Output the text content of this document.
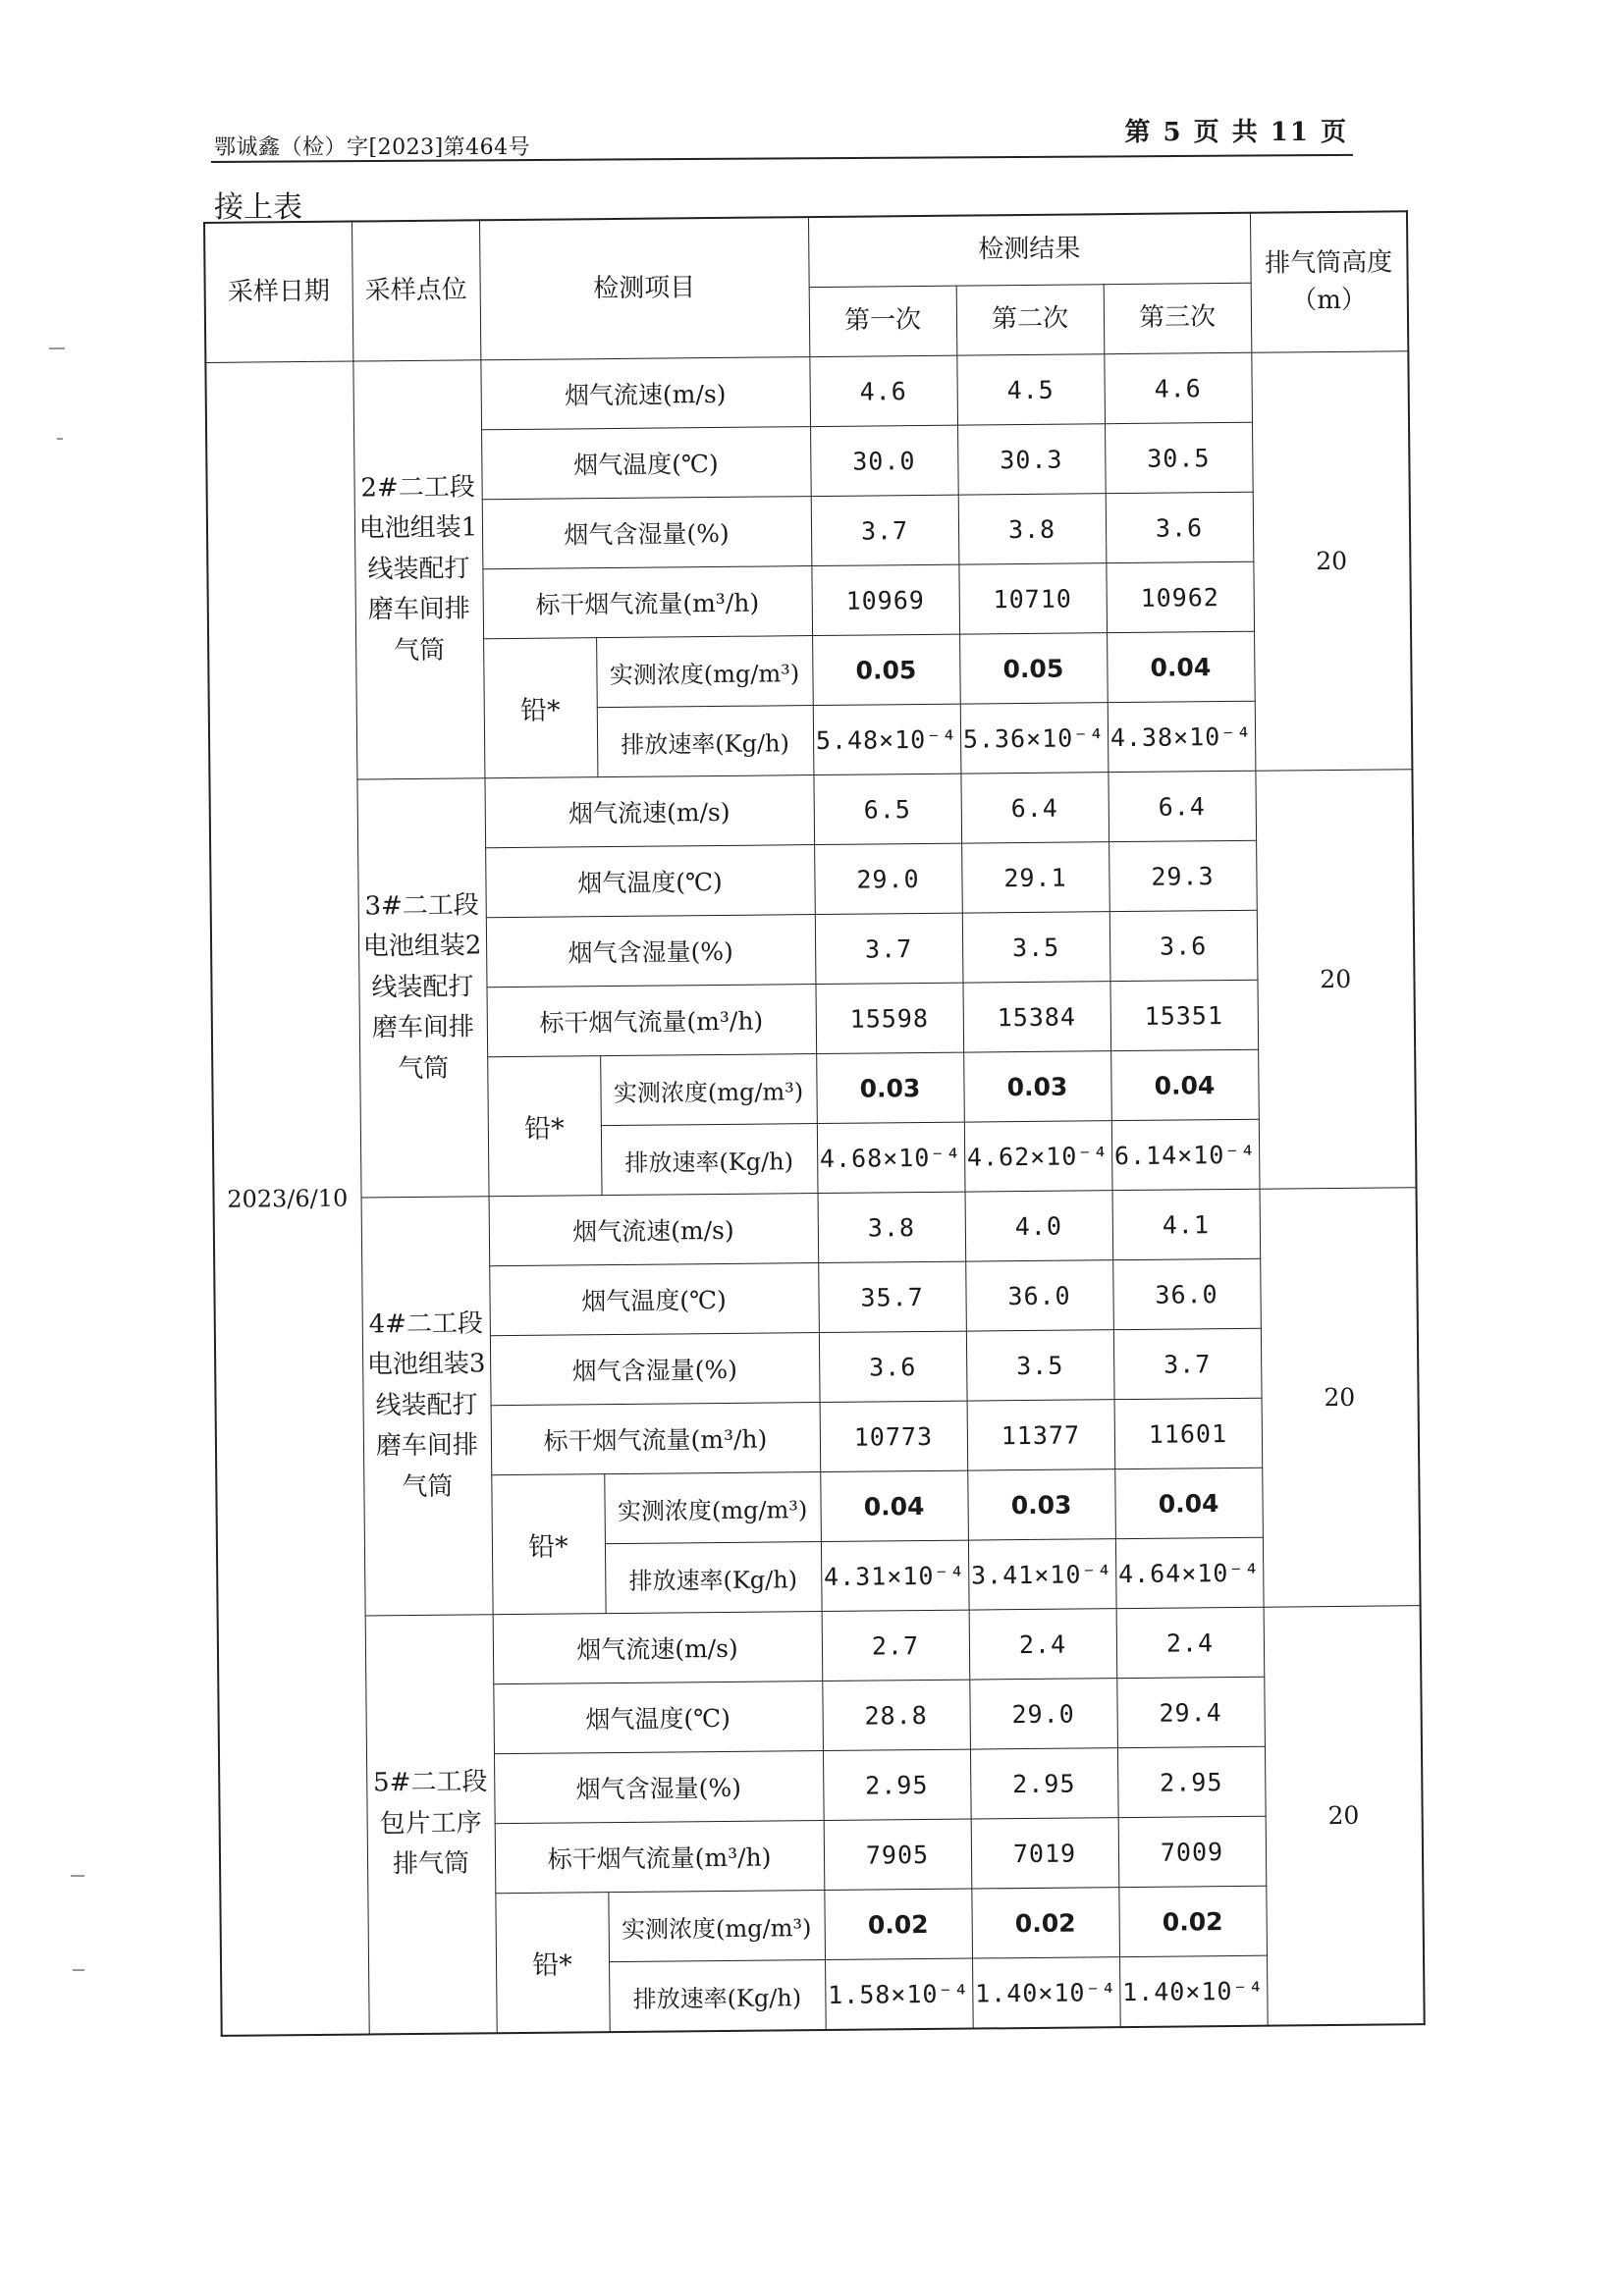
鄂诚鑫（检）字[2023]第464号
第 5 页 共 11 页
接上表
采样日期	采样点位	检测项目		检测结果			排气筒高度（m）
				第一次	第二次	第三次	
2023/6/10	2#二工段电池组装1线装配打磨车间排气筒	烟气流速(m/s)		4.6	4.5	4.6	20
		烟气温度(℃)		30.0	30.3	30.5	
		烟气含湿量(%)		3.7	3.8	3.6	
		标干烟气流量(m³/h)		10969	10710	10962	
		铅*	实测浓度(mg/m³)	0.05	0.05	0.04	
			排放速率(Kg/h)	5.48×10⁻⁴	5.36×10⁻⁴	4.38×10⁻⁴	
	3#二工段电池组装2线装配打磨车间排气筒	烟气流速(m/s)		6.5	6.4	6.4	20
		烟气温度(℃)		29.0	29.1	29.3	
		烟气含湿量(%)		3.7	3.5	3.6	
		标干烟气流量(m³/h)		15598	15384	15351	
		铅*	实测浓度(mg/m³)	0.03	0.03	0.04	
			排放速率(Kg/h)	4.68×10⁻⁴	4.62×10⁻⁴	6.14×10⁻⁴	
	4#二工段电池组装3线装配打磨车间排气筒	烟气流速(m/s)		3.8	4.0	4.1	20
		烟气温度(℃)		35.7	36.0	36.0	
		烟气含湿量(%)		3.6	3.5	3.7	
		标干烟气流量(m³/h)		10773	11377	11601	
		铅*	实测浓度(mg/m³)	0.04	0.03	0.04	
			排放速率(Kg/h)	4.31×10⁻⁴	3.41×10⁻⁴	4.64×10⁻⁴	
	5#二工段包片工序排气筒	烟气流速(m/s)		2.7	2.4	2.4	20
		烟气温度(℃)		28.8	29.0	29.4	
		烟气含湿量(%)		2.95	2.95	2.95	
		标干烟气流量(m³/h)		7905	7019	7009	
		铅*	实测浓度(mg/m³)	0.02	0.02	0.02	
			排放速率(Kg/h)	1.58×10⁻⁴	1.40×10⁻⁴	1.40×10⁻⁴	
